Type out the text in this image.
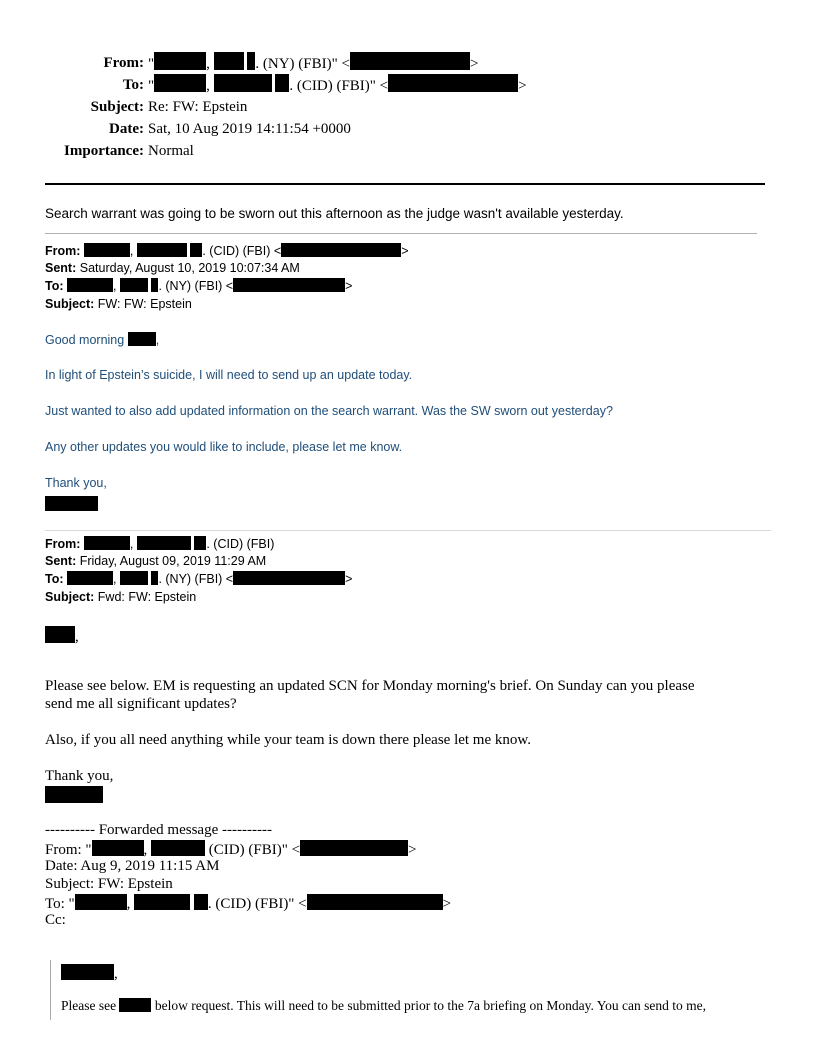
From: "	,	. (NY) (FBI)" <	>
To: "	,	. (CID) (FBI)" <	>
Subject: Re: FW: Epstein
Date: Sat, 10 Aug 2019 14:11:54 +0000
Importance: Normal
Search warrant was going to be sworn out this afternoon as the judge wasn't available yesterday.
From:	,	. (CID) (FBI) <	>
Sent: Saturday, August 10, 2019 10:07:34 AM
To:	,	. (NY) (FBI) <	>
Subject: FW: FW: Epstein
Good morning	,
In light of Epstein’s suicide, I will need to send up an update today.
Just wanted to also add updated information on the search warrant. Was the SW sworn out yesterday?
Any other updates you would like to include, please let me know.
Thank you,
From:	,	. (CID) (FBI)
Sent: Friday, August 09, 2019 11:29 AM
To:	,	. (NY) (FBI) <	>
Subject: Fwd: FW: Epstein
,
Please see below. EM is requesting an updated SCN for Monday morning's brief. On Sunday can you please
send me all significant updates?
Also, if you all need anything while your team is down there please let me know.
Thank you,
---------- Forwarded message ----------
From: "	,	(CID) (FBI)" <	>
Date: Aug 9, 2019 11:15 AM
Subject: FW: Epstein
To: "	,	. (CID) (FBI)" <	>
Cc:
,
Please see	below request. This will need to be submitted prior to the 7a briefing on Monday. You can send to me,
